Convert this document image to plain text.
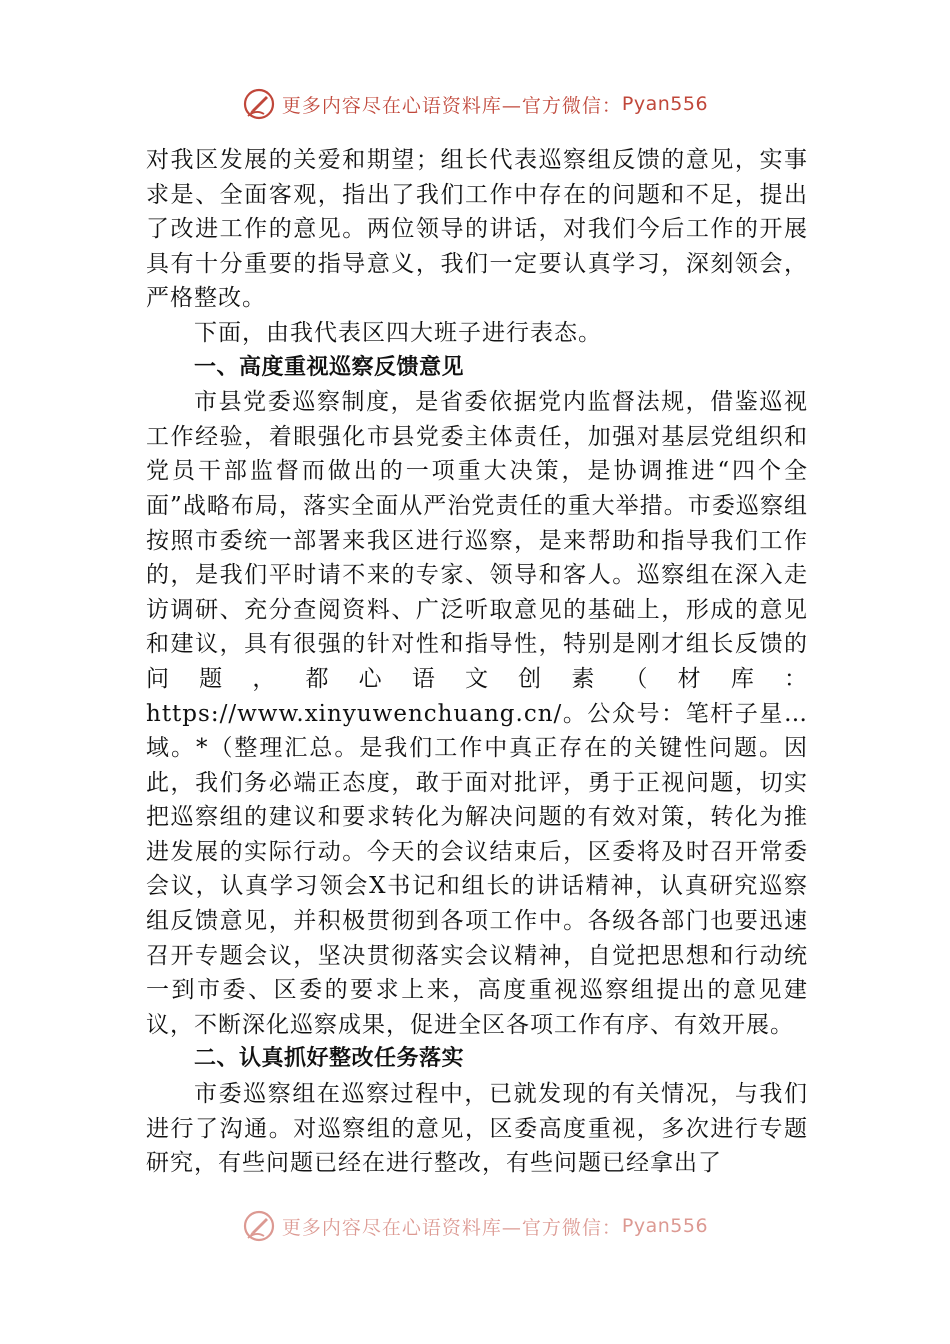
更多内容尽在心语资料库—官方微信： Pyan556

对我区发展的关爱和期望；组长代表巡察组反馈的意见，实事求是、全面客观，指出了我们工作中存在的问题和不足，提出了改进工作的意见。两位领导的讲话，对我们今后工作的开展具有十分重要的指导意义，我们一定要认真学习，深刻领会，严格整改。

下面，由我代表区四大班子进行表态。

一、高度重视巡察反馈意见

市县党委巡察制度，是省委依据党内监督法规，借鉴巡视工作经验，着眼强化市县党委主体责任，加强对基层党组织和党员干部监督而做出的一项重大决策，是协调推进“四个全面”战略布局，落实全面从严治党责任的重大举措。市委巡察组按照市委统一部署来我区进行巡察，是来帮助和指导我们工作的，是我们平时请不来的专家、领导和客人。巡察组在深入走访调研、充分查阅资料、广泛听取意见的基础上，形成的意见和建议，具有很强的针对性和指导性，特别是刚才组长反馈的问题，都心语文创素（材库：https://www.xinyuwenchuang.cn/。公众号：笔杆子星…域。*（整理汇总。是我们工作中真正存在的关键性问题。因此，我们务必端正态度，敢于面对批评，勇于正视问题，切实把巡察组的建议和要求转化为解决问题的有效对策，转化为推进发展的实际行动。今天的会议结束后，区委将及时召开常委会议，认真学习领会X书记和组长的讲话精神，认真研究巡察组反馈意见，并积极贯彻到各项工作中。各级各部门也要迅速召开专题会议，坚决贯彻落实会议精神，自觉把思想和行动统一到市委、区委的要求上来，高度重视巡察组提出的意见建议，不断深化巡察成果，促进全区各项工作有序、有效开展。

二、认真抓好整改任务落实

市委巡察组在巡察过程中，已就发现的有关情况，与我们进行了沟通。对巡察组的意见，区委高度重视，多次进行专题研究，有些问题已经在进行整改，有些问题已经拿出了

更多内容尽在心语资料库—官方微信： Pyan556
